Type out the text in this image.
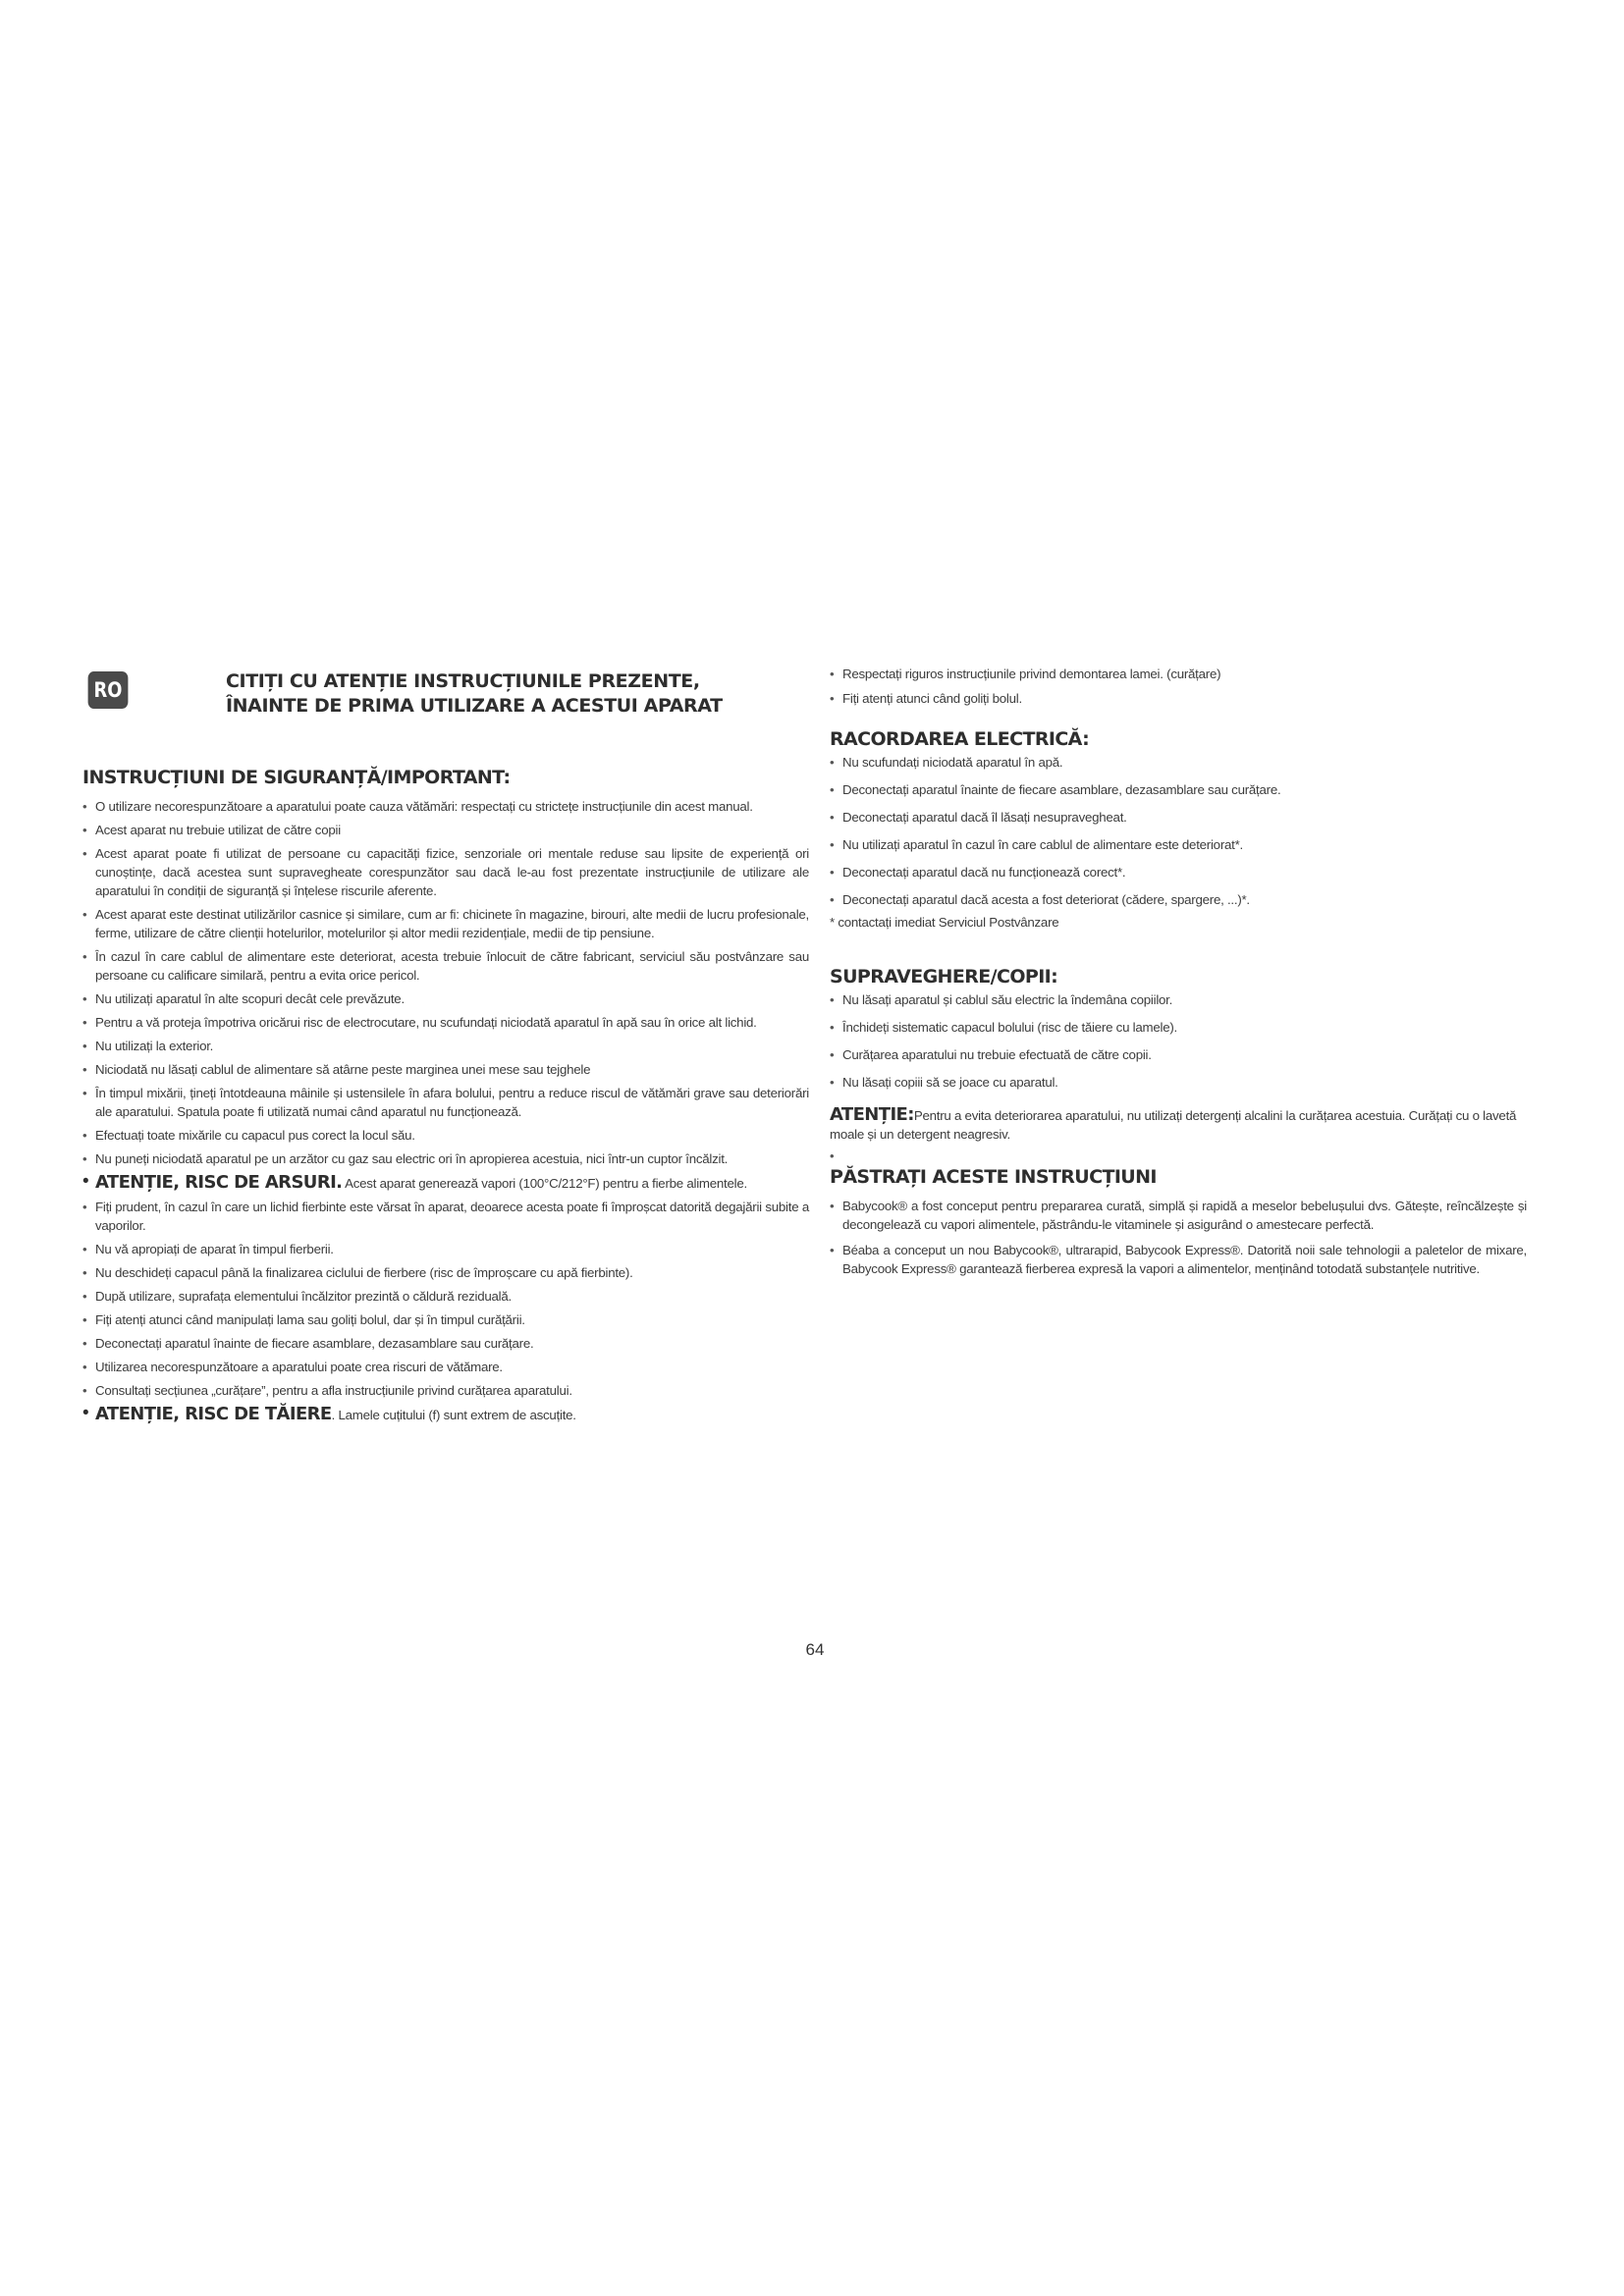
RO	CITIȚI CU ATENȚIE INSTRUCȚIUNILE PREZENTE,
ÎNAINTE DE PRIMA UTILIZARE A ACESTUI APARAT
INSTRUCȚIUNI DE SIGURANȚĂ/IMPORTANT:
• O utilizare necorespunzătoare a aparatului poate cauza vătămări: respectați cu strictețe instrucțiunile din acest manual.
• Acest aparat nu trebuie utilizat de către copii
• Acest aparat poate fi utilizat de persoane cu capacități fizice, senzoriale ori mentale reduse sau lipsite de experiență ori cunoștințe, dacă acestea sunt supravegheate corespunzător sau dacă le-au fost prezentate instrucțiunile de utilizare ale aparatului în condiții de siguranță și înțelese riscurile aferente.
• Acest aparat este destinat utilizărilor casnice și similare, cum ar fi: chicinete în magazine, birouri, alte medii de lucru profesionale, ferme, utilizare de către clienții hotelurilor, motelurilor și altor medii rezidențiale, medii de tip pensiune.
• În cazul în care cablul de alimentare este deteriorat, acesta trebuie înlocuit de către fabricant, serviciul său postvânzare sau persoane cu calificare similară, pentru a evita orice pericol.
• Nu utilizați aparatul în alte scopuri decât cele prevăzute.
• Pentru a vă proteja împotriva oricărui risc de electrocutare, nu scufundați niciodată aparatul în apă sau în orice alt lichid.
• Nu utilizați la exterior.
• Niciodată nu lăsați cablul de alimentare să atârne peste marginea unei mese sau tejghele
• În timpul mixării, țineți întotdeauna mâinile și ustensilele în afara bolului, pentru a reduce riscul de vătămări grave sau deteriorări ale aparatului. Spatula poate fi utilizată numai când aparatul nu funcționează.
• Efectuați toate mixările cu capacul pus corect la locul său.
• Nu puneți niciodată aparatul pe un arzător cu gaz sau electric ori în apropierea acestuia, nici într-un cuptor încălzit.
• ATENȚIE, RISC DE ARSURI. Acest aparat generează vapori (100°C/212°F) pentru a fierbe alimentele.
• Fiți prudent, în cazul în care un lichid fierbinte este vărsat în aparat, deoarece acesta poate fi împroșcat datorită degajării subite a vaporilor.
• Nu vă apropiați de aparat în timpul fierberii.
• Nu deschideți capacul până la finalizarea ciclului de fierbere (risc de împroșcare cu apă fierbinte).
• După utilizare, suprafața elementului încălzitor prezintă o căldură reziduală.
• Fiți atenți atunci când manipulați lama sau goliți bolul, dar și în timpul curățării.
• Deconectați aparatul înainte de fiecare asamblare, dezasamblare sau curățare.
• Utilizarea necorespunzătoare a aparatului poate crea riscuri de vătămare.
• Consultați secțiunea „curățare”, pentru a afla instrucțiunile privind curățarea aparatului.
• ATENȚIE, RISC DE TĂIERE. Lamele cuțitului (f) sunt extrem de ascuțite.
• Respectați riguros instrucțiunile privind demontarea lamei. (curățare)
• Fiți atenți atunci când goliți bolul.
RACORDAREA ELECTRICĂ:
• Nu scufundați niciodată aparatul în apă.
• Deconectați aparatul înainte de fiecare asamblare, dezasamblare sau curățare.
• Deconectați aparatul dacă îl lăsați nesupravegheat.
• Nu utilizați aparatul în cazul în care cablul de alimentare este deteriorat*.
• Deconectați aparatul dacă nu funcționează corect*.
• Deconectați aparatul dacă acesta a fost deteriorat (cădere, spargere, ...)*.
* contactați imediat Serviciul Postvânzare
SUPRAVEGHERE/COPII:
• Nu lăsați aparatul și cablul său electric la îndemâna copiilor.
• Închideți sistematic capacul bolului (risc de tăiere cu lamele).
• Curățarea aparatului nu trebuie efectuată de către copii.
• Nu lăsați copiii să se joace cu aparatul.
ATENȚIE:Pentru a evita deteriorarea aparatului, nu utilizați detergenți alcalini la curățarea acestuia. Curățați cu o lavetă moale și un detergent neagresiv.
•
PĂSTRAȚI ACESTE INSTRUCȚIUNI
• Babycook® a fost conceput pentru prepararea curată, simplă și rapidă a meselor bebelușului dvs. Gătește, reîncălzește și decongelează cu vapori alimentele, păstrându-le vitaminele și asigurând o amestecare perfectă.
• Béaba a conceput un nou Babycook®, ultrarapid, Babycook Express®. Datorită noii sale tehnologii a paletelor de mixare, Babycook Express® garantează fierberea expresă la vapori a alimentelor, menținând totodată substanțele nutritive.
64
